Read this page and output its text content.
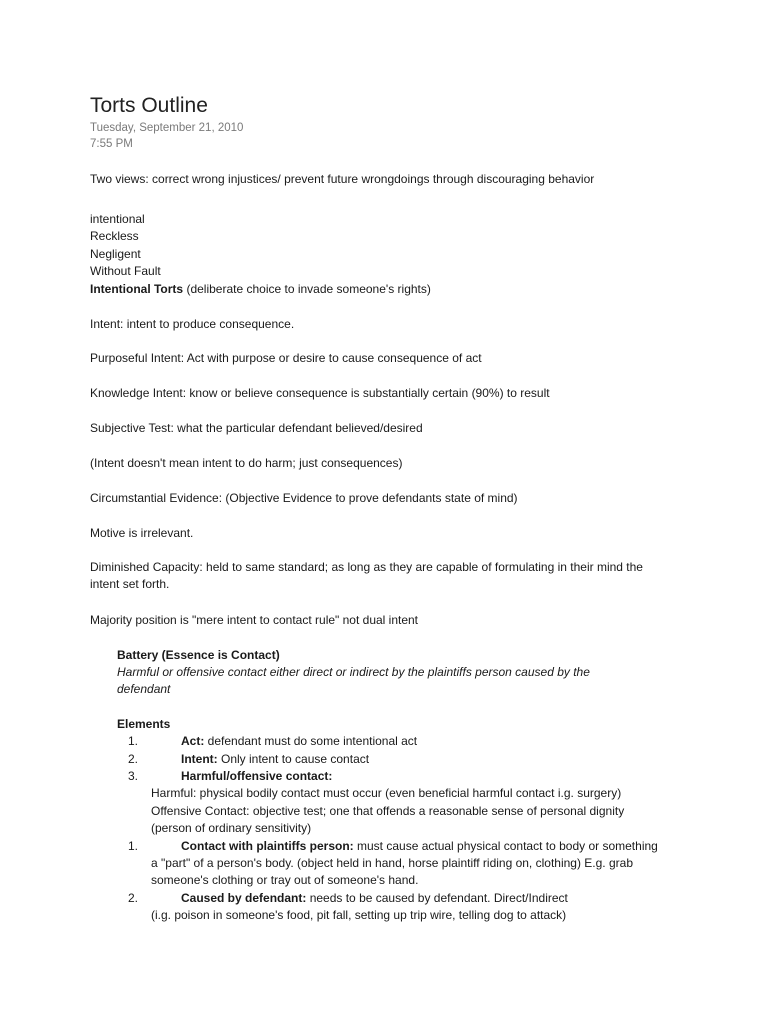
Torts Outline
Tuesday, September 21, 2010
7:55 PM
Two views: correct wrong injustices/ prevent future wrongdoings through discouraging behavior
intentional
Reckless
Negligent
Without Fault
Intentional Torts (deliberate choice to invade someone's rights)
Intent: intent to produce consequence.
Purposeful Intent: Act with purpose or desire to cause consequence of act
Knowledge Intent: know or believe consequence is substantially certain (90%) to result
Subjective Test: what the particular defendant believed/desired
(Intent doesn't mean intent to do harm; just consequences)
Circumstantial Evidence: (Objective Evidence to prove defendants state of mind)
Motive is irrelevant.
Diminished Capacity: held to same standard; as long as they are capable of formulating in their mind the
intent set forth.
Majority position is "mere intent to contact rule" not dual intent
Battery (Essence is Contact)
Harmful or offensive contact either direct or indirect by the plaintiffs person caused by the
defendant
Elements
1.	Act: defendant must do some intentional act
2.	Intent: Only intent to cause contact
3.	Harmful/offensive contact:
Harmful: physical bodily contact must occur (even beneficial harmful contact i.g. surgery)
Offensive Contact: objective test; one that offends a reasonable sense of personal dignity
(person of ordinary sensitivity)
1.	Contact with plaintiffs person: must cause actual physical contact to body or something
a "part" of a person's body. (object held in hand, horse plaintiff riding on, clothing) E.g. grab
someone's clothing or tray out of someone's hand.
2.	Caused by defendant: needs to be caused by defendant. Direct/Indirect
(i.g. poison in someone's food, pit fall, setting up trip wire, telling dog to attack)
